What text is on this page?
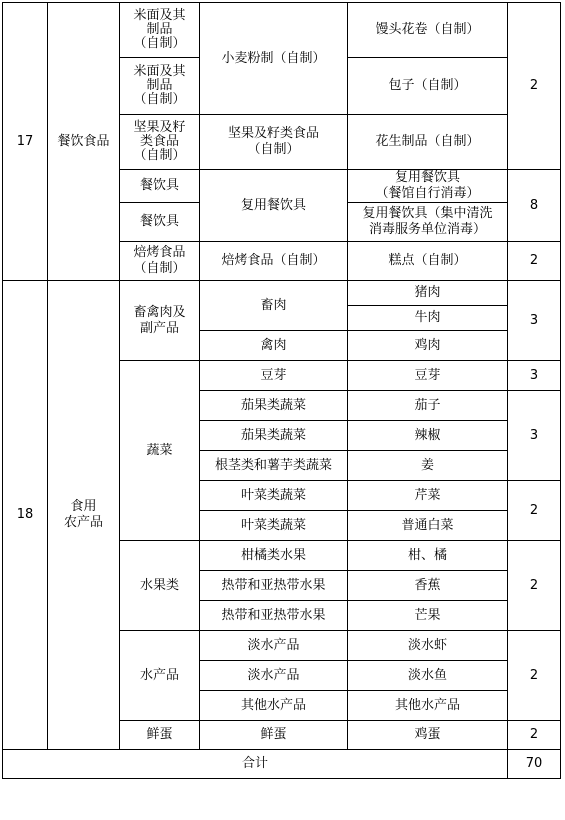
17	餐饮食品	米面及其
制品
（自制）	小麦粉制（自制）	馒头花卷（自制）	2
		米面及其
制品
（自制）		包子（自制）	
		坚果及籽
类食品
（自制）	坚果及籽类食品
（自制）	花生制品（自制）	
		餐饮具	复用餐饮具	复用餐饮具
（餐馆自行消毒）	8
		餐饮具		复用餐饮具（集中清洗
消毒服务单位消毒）	
		焙烤食品
（自制）	焙烤食品（自制）	糕点（自制）	2
18	食用
农产品	畜禽肉及
副产品	畜肉	猪肉	3
				牛肉	
			禽肉	鸡肉	
		蔬菜	豆芽	豆芽	3
			茄果类蔬菜	茄子	3
			茄果类蔬菜	辣椒	
			根茎类和薯芋类蔬菜	姜	
			叶菜类蔬菜	芹菜	2
			叶菜类蔬菜	普通白菜	
		水果类	柑橘类水果	柑、橘	2
			热带和亚热带水果	香蕉	
			热带和亚热带水果	芒果	
		水产品	淡水产品	淡水虾	2
			淡水产品	淡水鱼	
			其他水产品	其他水产品	
		鲜蛋	鲜蛋	鸡蛋	2
合计					70
